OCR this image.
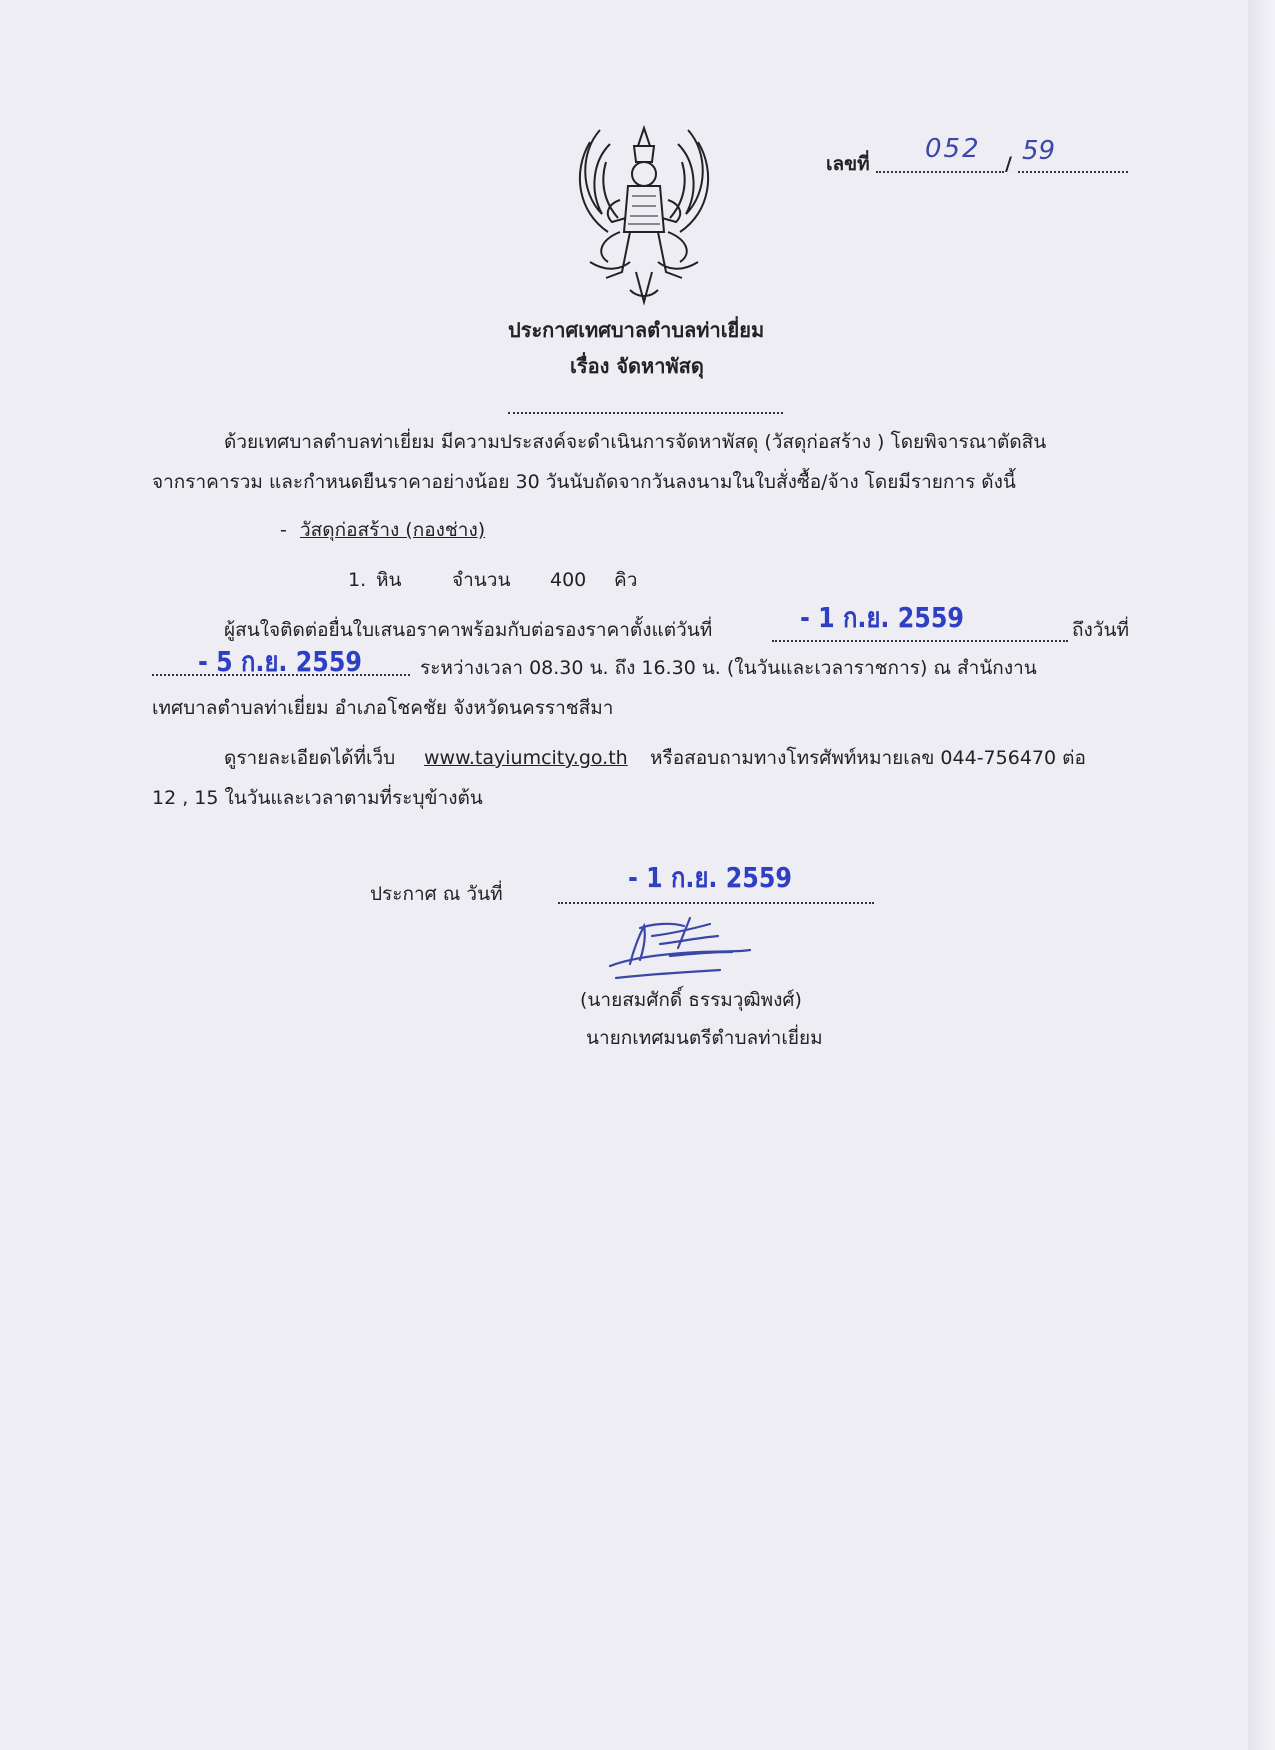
เลขที่ 052 / 59
ประกาศเทศบาลตำบลท่าเยี่ยม
เรื่อง จัดหาพัสดุ
ด้วยเทศบาลตำบลท่าเยี่ยม มีความประสงค์จะดำเนินการจัดหาพัสดุ (วัสดุก่อสร้าง ) โดยพิจารณาตัดสิน
จากราคารวม และกำหนดยืนราคาอย่างน้อย 30 วันนับถัดจากวันลงนามในใบสั่งซื้อ/จ้าง โดยมีรายการ ดังนี้
- วัสดุก่อสร้าง (กองช่าง)
1. หิน	จำนวน 400 คิว
ผู้สนใจติดต่อยื่นใบเสนอราคาพร้อมกับต่อรองราคาตั้งแต่วันที่	- 1 ก.ย. 2559	ถึงวันที่
- 5 ก.ย. 2559	ระหว่างเวลา 08.30 น. ถึง 16.30 น. (ในวันและเวลาราชการ) ณ สำนักงาน
เทศบาลตำบลท่าเยี่ยม อำเภอโชคชัย จังหวัดนครราชสีมา
ดูรายละเอียดได้ที่เว็บ www.tayiumcity.go.th หรือสอบถามทางโทรศัพท์หมายเลข 044-756470 ต่อ
12 , 15 ในวันและเวลาตามที่ระบุข้างต้น
ประกาศ ณ วันที่	- 1 ก.ย. 2559
(นายสมศักดิ์ ธรรมวุฒิพงศ์)
นายกเทศมนตรีตำบลท่าเยี่ยม
